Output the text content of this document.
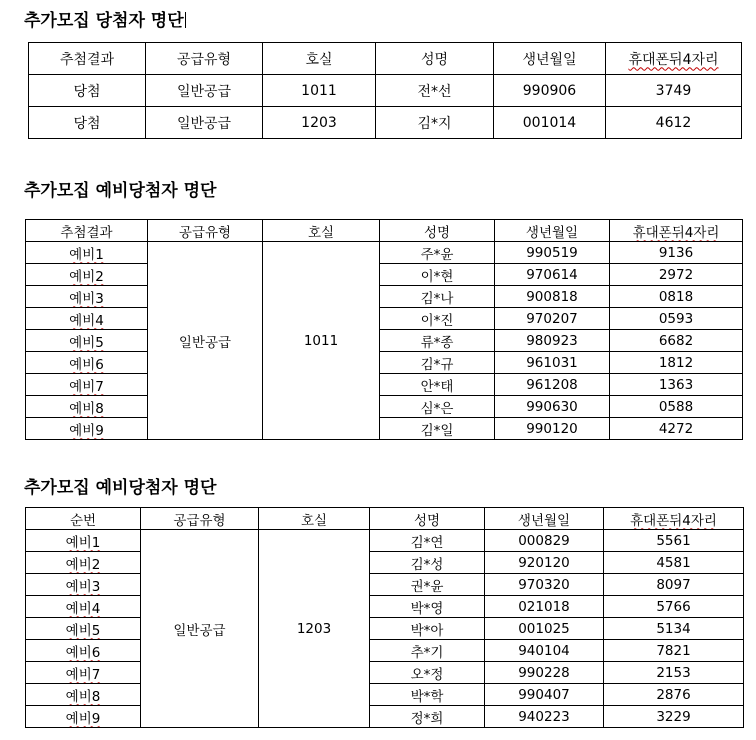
추가모집 당첨자 명단
추첨결과	공급유형	호실	성명	생년월일	휴대폰뒤4자리
당첨	일반공급	1011	전*선	990906	3749
당첨	일반공급	1203	김*지	001014	4612
추가모집 예비당첨자 명단
추첨결과	공급유형	호실	성명	생년월일	휴대폰뒤4자리
예비1	일반공급	1011	주*윤	990519	9136
예비2			이*현	970614	2972
예비3			김*나	900818	0818
예비4			이*진	970207	0593
예비5			류*종	980923	6682
예비6			김*규	961031	1812
예비7			안*태	961208	1363
예비8			심*은	990630	0588
예비9			김*일	990120	4272
추가모집 예비당첨자 명단
순번	공급유형	호실	성명	생년월일	휴대폰뒤4자리
예비1	일반공급	1203	김*연	000829	5561
예비2			김*성	920120	4581
예비3			권*윤	970320	8097
예비4			박*영	021018	5766
예비5			박*아	001025	5134
예비6			추*기	940104	7821
예비7			오*정	990228	2153
예비8			박*학	990407	2876
예비9			정*희	940223	3229
